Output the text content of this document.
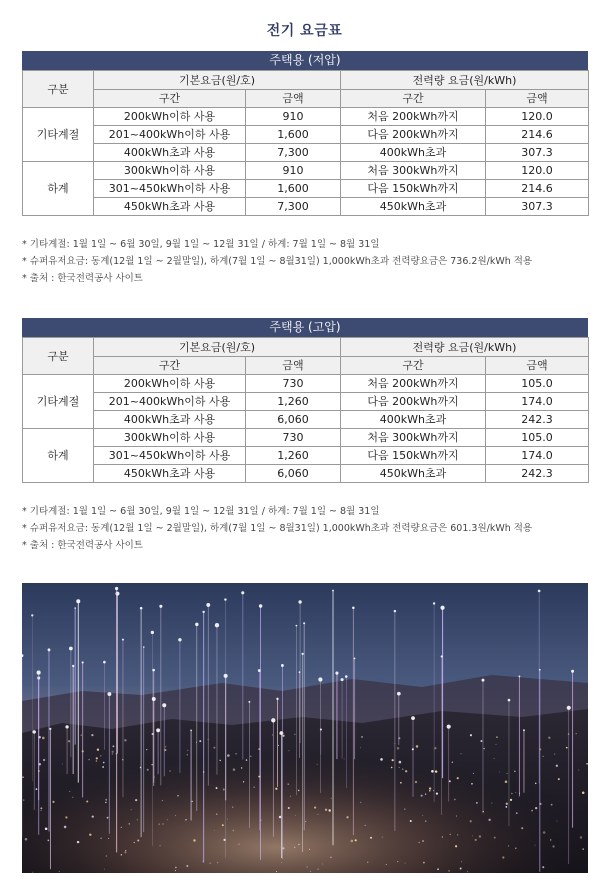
전기 요금표
주택용 (저압)
구분	기본요금(원/호)		전력량 요금(원/kWh)	
	구간	금액	구간	금액
기타계절	200kWh이하 사용	910	처음 200kWh까지	120.0
	201~400kWh이하 사용	1,600	다음 200kWh까지	214.6
	400kWh초과 사용	7,300	400kWh초과	307.3
하계	300kWh이하 사용	910	처음 300kWh까지	120.0
	301~450kWh이하 사용	1,600	다음 150kWh까지	214.6
	450kWh초과 사용	7,300	450kWh초과	307.3
* 기타계절: 1월 1일 ~ 6월 30일, 9월 1일 ~ 12월 31일 / 하계: 7월 1일 ~ 8월 31일
* 슈퍼유저요금: 동계(12월 1일 ~ 2월말일), 하계(7월 1일 ~ 8월31일) 1,000kWh초과 전력량요금은 736.2원/kWh 적용
* 출처 : 한국전력공사 사이트
주택용 (고압)
구분	기본요금(원/호)		전력량 요금(원/kWh)	
	구간	금액	구간	금액
기타계절	200kWh이하 사용	730	처음 200kWh까지	105.0
	201~400kWh이하 사용	1,260	다음 200kWh까지	174.0
	400kWh초과 사용	6,060	400kWh초과	242.3
하계	300kWh이하 사용	730	처음 300kWh까지	105.0
	301~450kWh이하 사용	1,260	다음 150kWh까지	174.0
	450kWh초과 사용	6,060	450kWh초과	242.3
* 기타계절: 1월 1일 ~ 6월 30일, 9월 1일 ~ 12월 31일 / 하계: 7월 1일 ~ 8월 31일
* 슈퍼유저요금: 동계(12월 1일 ~ 2월말일), 하계(7월 1일 ~ 8월31일) 1,000kWh초과 전력량요금은 601.3원/kWh 적용
* 출처 : 한국전력공사 사이트
